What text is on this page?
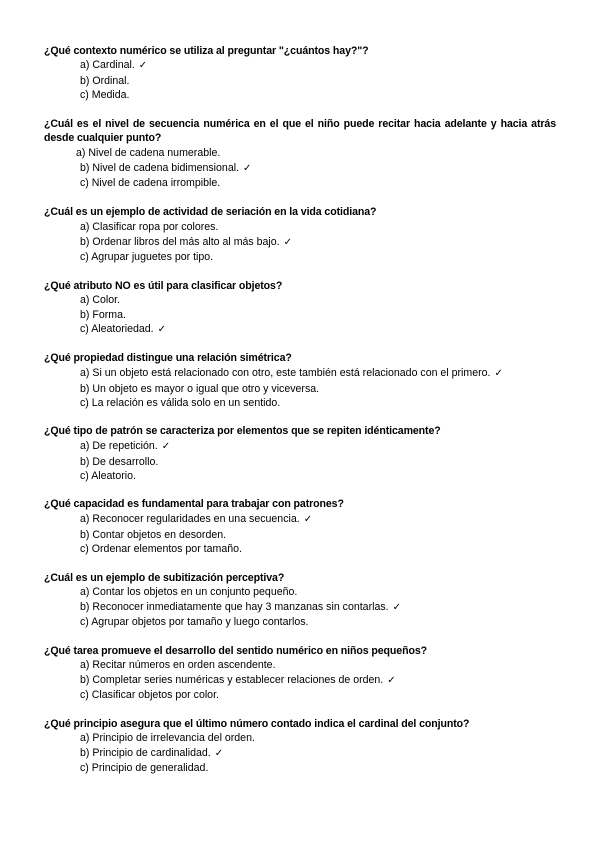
¿Qué contexto numérico se utiliza al preguntar "¿cuántos hay?"?
a) Cardinal. ✓
b) Ordinal.
c) Medida.
¿Cuál es el nivel de secuencia numérica en el que el niño puede recitar hacia adelante y hacia atrás desde cualquier punto?
a) Nivel de cadena numerable.
b) Nivel de cadena bidimensional. ✓
c) Nivel de cadena irrompible.
¿Cuál es un ejemplo de actividad de seriación en la vida cotidiana?
a) Clasificar ropa por colores.
b) Ordenar libros del más alto al más bajo. ✓
c) Agrupar juguetes por tipo.
¿Qué atributo NO es útil para clasificar objetos?
a) Color.
b) Forma.
c) Aleatoriedad. ✓
¿Qué propiedad distingue una relación simétrica?
a) Si un objeto está relacionado con otro, este también está relacionado con el primero. ✓
b) Un objeto es mayor o igual que otro y viceversa.
c) La relación es válida solo en un sentido.
¿Qué tipo de patrón se caracteriza por elementos que se repiten idénticamente?
a) De repetición. ✓
b) De desarrollo.
c) Aleatorio.
¿Qué capacidad es fundamental para trabajar con patrones?
a) Reconocer regularidades en una secuencia. ✓
b) Contar objetos en desorden.
c) Ordenar elementos por tamaño.
¿Cuál es un ejemplo de subitización perceptiva?
a) Contar los objetos en un conjunto pequeño.
b) Reconocer inmediatamente que hay 3 manzanas sin contarlas. ✓
c) Agrupar objetos por tamaño y luego contarlos.
¿Qué tarea promueve el desarrollo del sentido numérico en niños pequeños?
a) Recitar números en orden ascendente.
b) Completar series numéricas y establecer relaciones de orden. ✓
c) Clasificar objetos por color.
¿Qué principio asegura que el último número contado indica el cardinal del conjunto?
a) Principio de irrelevancia del orden.
b) Principio de cardinalidad. ✓
c) Principio de generalidad.
